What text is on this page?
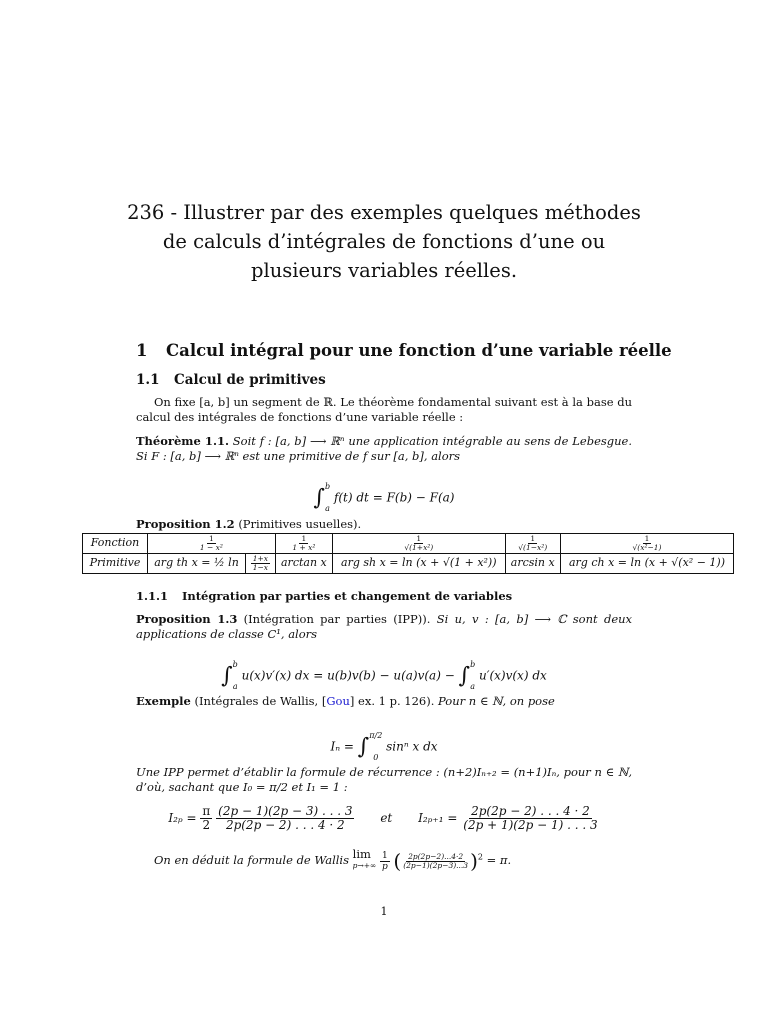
236 - Illustrer par des exemples quelques méthodes de calculs d’intégrales de fonctions d’une ou plusieurs variables réelles.
1 Calcul intégral pour une fonction d’une variable réelle
1.1 Calcul de primitives
On fixe [a, b] un segment de ℝ. Le théorème fondamental suivant est à la base du calcul des intégrales de fonctions d’une variable réelle :
Théorème 1.1. Soit f : [a, b] ⟶ ℝⁿ une application intégrable au sens de Lebesgue. Si F : [a, b] ⟶ ℝⁿ est une primitive de f sur [a, b], alors
∫ b
a
f(t) dt = F(b) − F(a)
Proposition 1.2 (Primitives usuelles).
Fonction	$\frac{1}{\text{1 − x²}}$		$\frac{1}{\text{1 + x²}}$	$\frac{1}{\text{√(1+x²)}}$	$\frac{1}{\text{√(1−x²)}}$	$\frac{1}{\text{√(x²−1)}}$

Primitive	arg th x = ½ ln	$\frac{1+x}{1-x}$	arctan x	arg sh x = ln (x + √(1 + x²))	arcsin x	arg ch x = ln (x + √(x² − 1))
1.1.1 Intégration par parties et changement de variables
Proposition 1.3 (Intégration par parties (IPP)). Si u, v : [a, b] ⟶ ℂ sont deux applications de classe C¹, alors
∫ b
a
u(x)v′(x) dx = u(b)v(b) − u(a)v(a) − ∫ b
a
u′(x)v(x) dx
Exemple (Intégrales de Wallis, [Gou] ex. 1 p. 126). Pour n ∈ ℕ, on pose
Iₙ = ∫ π/2
0
sinⁿ x dx
Une IPP permet d’établir la formule de récurrence : (n+2)Iₙ₊₂ = (n+1)Iₙ, pour n ∈ ℕ, d’où, sachant que I₀ = π/2 et I₁ = 1 :
$I_{2p} = \frac{\pi}{2}$
$\frac{(2p - 1)(2p - 3) . . . 3}{2p(2p - 2) . . . 4 \cdot 2}$ et $I_{2p+1} = \frac{2p(2p - 2) . . . 4 \cdot 2}{(2p + 1)(2p - 1) . . . 3}$
On en déduit la formule de Wallis lim
p→+∞
$\frac{1}{p}$ ( $\frac{2p(2p-2)...4\cdot 2}{(2p-1)(2p-3)...3} )^2 = \pi$.
1
